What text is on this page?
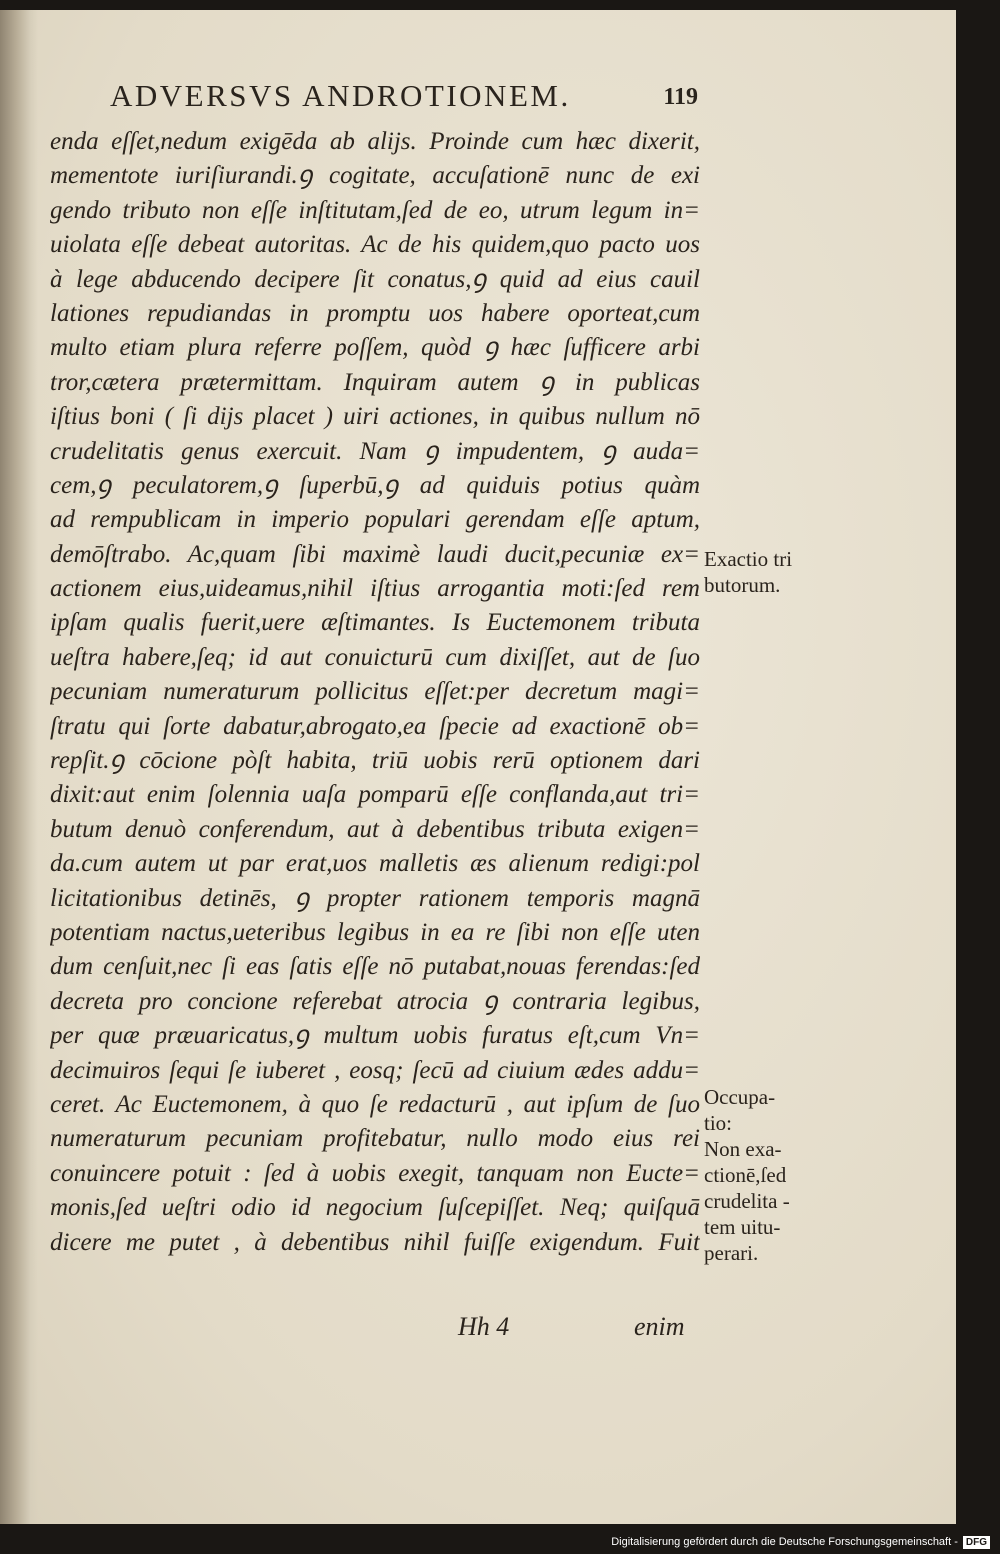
ADVERSVS ANDROTIONEM.	119
enda eſſet,nedum exigēda ab alijs. Proinde cum hæc dixerit,
mementote iuriſiurandi.ꝯ cogitate, accuſationē nunc de exi
gendo tributo non eſſe inſtitutam,ſed de eo, utrum legum in=
uiolata eſſe debeat autoritas. Ac de his quidem,quo pacto uos
à lege abducendo decipere ſit conatus,ꝯ quid ad eius cauil
lationes repudiandas in promptu uos habere oporteat,cum
multo etiam plura referre poſſem, quòd ꝯ hæc ſufficere arbi
tror,cætera prætermittam. Inquiram autem ꝯ in publicas
iſtius boni ( ſi dijs placet ) uiri actiones, in quibus nullum nō
crudelitatis genus exercuit. Nam ꝯ impudentem, ꝯ auda=
cem,ꝯ peculatorem,ꝯ ſuperbū,ꝯ ad quiduis potius quàm
ad rempublicam in imperio populari gerendam eſſe aptum,
demōſtrabo. Ac,quam ſibi maximè laudi ducit,pecuniæ ex=
actionem eius,uideamus,nihil iſtius arrogantia moti:ſed rem
ipſam qualis fuerit,uere æſtimantes. Is Euctemonem tributa
ueſtra habere,ſeq; id aut conuicturū cum dixiſſet, aut de ſuo
pecuniam numeraturum pollicitus eſſet:per decretum magi=
ſtratu qui ſorte dabatur,abrogato,ea ſpecie ad exactionē ob=
repſit.ꝯ cōcione pòſt habita, triū uobis rerū optionem dari
dixit:aut enim ſolennia uaſa pomparū eſſe conflanda,aut tri=
butum denuò conferendum, aut à debentibus tributa exigen=
da.cum autem ut par erat,uos malletis æs alienum redigi:pol
licitationibus detinēs, ꝯ propter rationem temporis magnā
potentiam nactus,ueteribus legibus in ea re ſibi non eſſe uten
dum cenſuit,nec ſi eas ſatis eſſe nō putabat,nouas ferendas:ſed
decreta pro concione referebat atrocia ꝯ contraria legibus,
per quæ præuaricatus,ꝯ multum uobis furatus eſt,cum Vn=
decimuiros ſequi ſe iuberet , eosq; ſecū ad ciuium ædes addu=
ceret. Ac Euctemonem, à quo ſe redacturū , aut ipſum de ſuo
numeraturum pecuniam profitebatur, nullo modo eius rei
conuincere potuit : ſed à uobis exegit, tanquam non Eucte=
monis,ſed ueſtri odio id negocium ſuſcepiſſet. Neq; quiſquā
dicere me putet , à debentibus nihil fuiſſe exigendum. Fuit
Exactio tri
butorum.
Occupa-
tio:
Non exa-
ctionē,ſed
crudelita -
tem uitu-
perari.
Hh 4	enim
Digitalisierung gefördert durch die Deutsche Forschungsgemeinschaft - DFG
